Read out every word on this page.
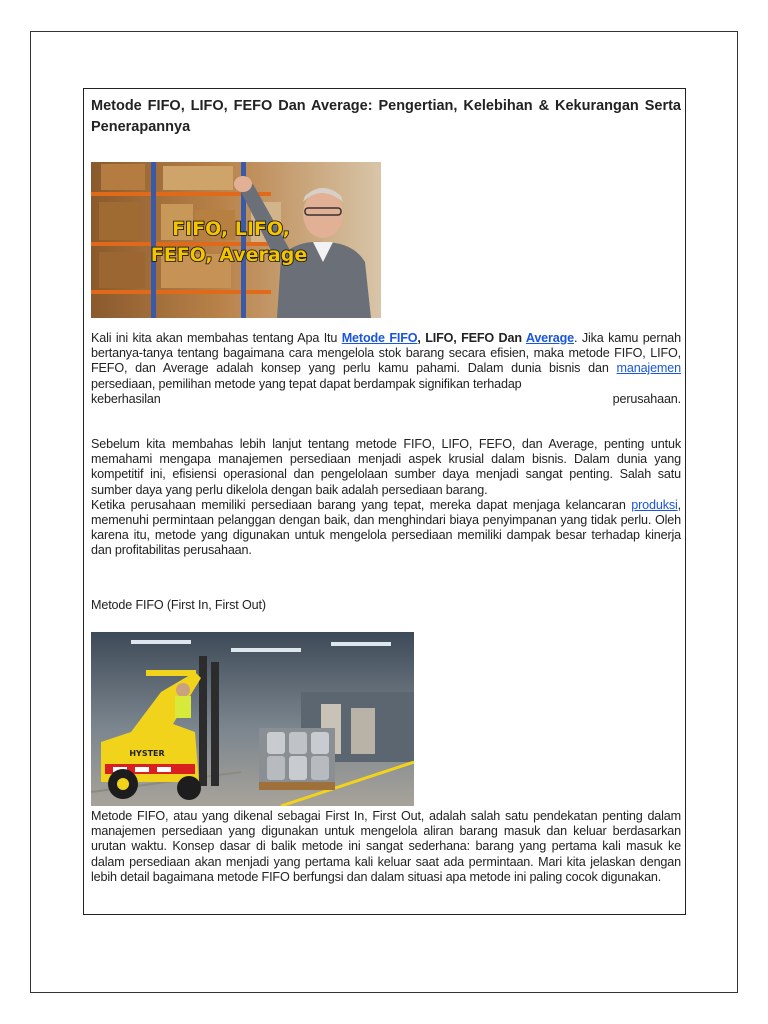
Metode FIFO, LIFO, FEFO Dan Average: Pengertian, Kelebihan & Kekurangan Serta Penerapannya
FIFO, LIFO,
FEFO, Average

Kali ini kita akan membahas tentang Apa Itu Metode FIFO, LIFO, FEFO Dan Average. Jika kamu pernah bertanya-tanya tentang bagaimana cara mengelola stok barang secara efisien, maka metode FIFO, LIFO, FEFO, dan Average adalah konsep yang perlu kamu pahami. Dalam dunia bisnis dan manajemen persediaan, pemilihan metode yang tepat dapat berdampak signifikan terhadap
keberhasilan	perusahaan.

Sebelum kita membahas lebih lanjut tentang metode FIFO, LIFO, FEFO, dan Average, penting untuk memahami mengapa manajemen persediaan menjadi aspek krusial dalam bisnis. Dalam dunia yang kompetitif ini, efisiensi operasional dan pengelolaan sumber daya menjadi sangat penting. Salah satu sumber daya yang perlu dikelola dengan baik adalah persediaan barang.
Ketika perusahaan memiliki persediaan barang yang tepat, mereka dapat menjaga kelancaran produksi, memenuhi permintaan pelanggan dengan baik, dan menghindari biaya penyimpanan yang tidak perlu. Oleh karena itu, metode yang digunakan untuk mengelola persediaan memiliki dampak besar terhadap kinerja dan profitabilitas perusahaan.

Metode FIFO (First In, First Out)

HYSTER

Metode FIFO, atau yang dikenal sebagai First In, First Out, adalah salah satu pendekatan penting dalam manajemen persediaan yang digunakan untuk mengelola aliran barang masuk dan keluar berdasarkan urutan waktu. Konsep dasar di balik metode ini sangat sederhana: barang yang pertama kali masuk ke dalam persediaan akan menjadi yang pertama kali keluar saat ada permintaan. Mari kita jelaskan dengan lebih detail bagaimana metode FIFO berfungsi dan dalam situasi apa metode ini paling cocok digunakan.
